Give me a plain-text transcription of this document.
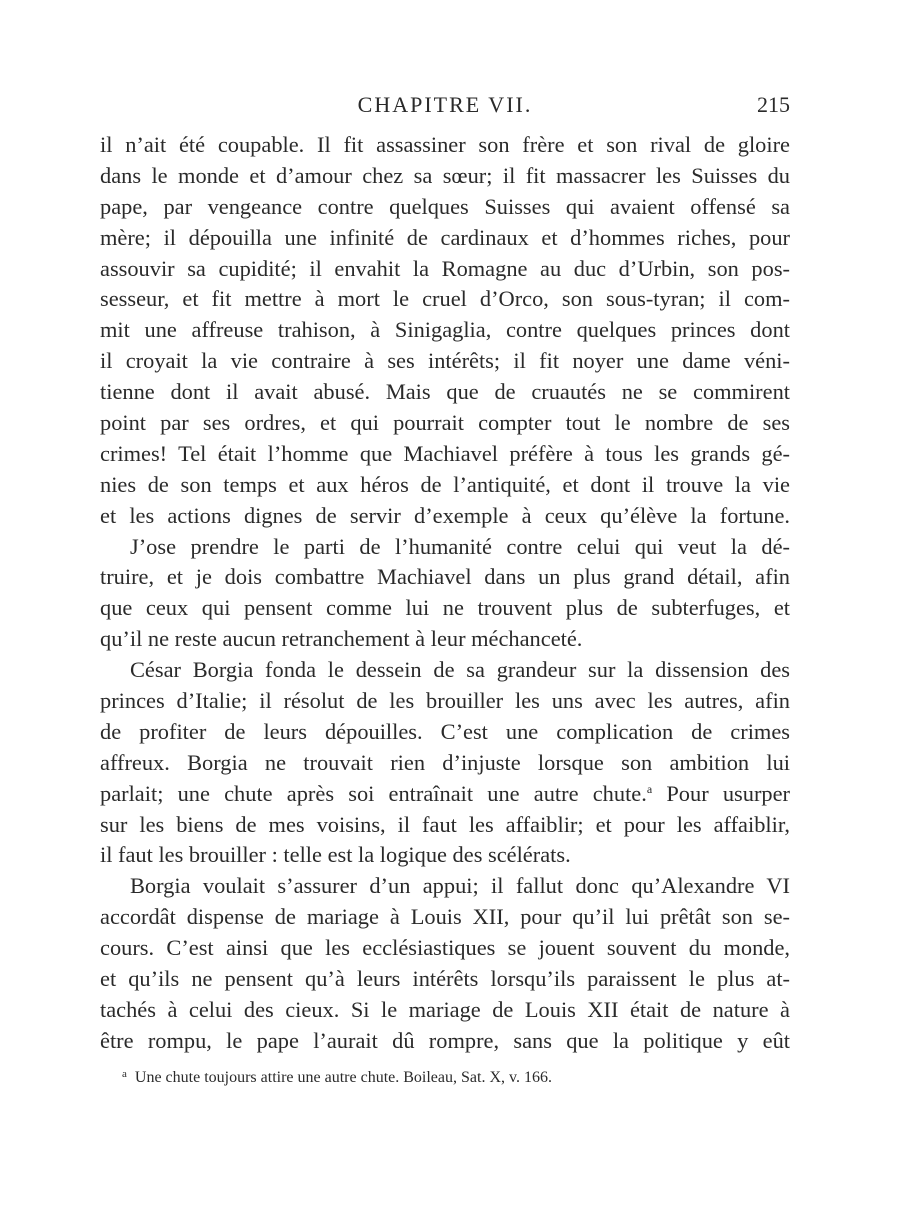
CHAPITRE VII.	215
il n’ait été coupable. Il fit assassiner son frère et son rival de gloire
dans le monde et d’amour chez sa sœur; il fit massacrer les Suisses du
pape, par vengeance contre quelques Suisses qui avaient offensé sa
mère; il dépouilla une infinité de cardinaux et d’hommes riches, pour
assouvir sa cupidité; il envahit la Romagne au duc d’Urbin, son pos-
sesseur, et fit mettre à mort le cruel d’Orco, son sous-tyran; il com-
mit une affreuse trahison, à Sinigaglia, contre quelques princes dont
il croyait la vie contraire à ses intérêts; il fit noyer une dame véni-
tienne dont il avait abusé. Mais que de cruautés ne se commirent
point par ses ordres, et qui pourrait compter tout le nombre de ses
crimes! Tel était l’homme que Machiavel préfère à tous les grands gé-
nies de son temps et aux héros de l’antiquité, et dont il trouve la vie
et les actions dignes de servir d’exemple à ceux qu’élève la fortune.
J’ose prendre le parti de l’humanité contre celui qui veut la dé-
truire, et je dois combattre Machiavel dans un plus grand détail, afin
que ceux qui pensent comme lui ne trouvent plus de subterfuges, et
qu’il ne reste aucun retranchement à leur méchanceté.
César Borgia fonda le dessein de sa grandeur sur la dissension des
princes d’Italie; il résolut de les brouiller les uns avec les autres, afin
de profiter de leurs dépouilles. C’est une complication de crimes
affreux. Borgia ne trouvait rien d’injuste lorsque son ambition lui
parlait; une chute après soi entraînait une autre chute.$^a$ Pour usurper
sur les biens de mes voisins, il faut les affaiblir; et pour les affaiblir,
il faut les brouiller : telle est la logique des scélérats.
Borgia voulait s’assurer d’un appui; il fallut donc qu’Alexandre VI
accordât dispense de mariage à Louis XII, pour qu’il lui prêtât son se-
cours. C’est ainsi que les ecclésiastiques se jouent souvent du monde,
et qu’ils ne pensent qu’à leurs intérêts lorsqu’ils paraissent le plus at-
tachés à celui des cieux. Si le mariage de Louis XII était de nature à
être rompu, le pape l’aurait dû rompre, sans que la politique y eût
$^a$ Une chute toujours attire une autre chute. Boileau, Sat. X, v. 166.
